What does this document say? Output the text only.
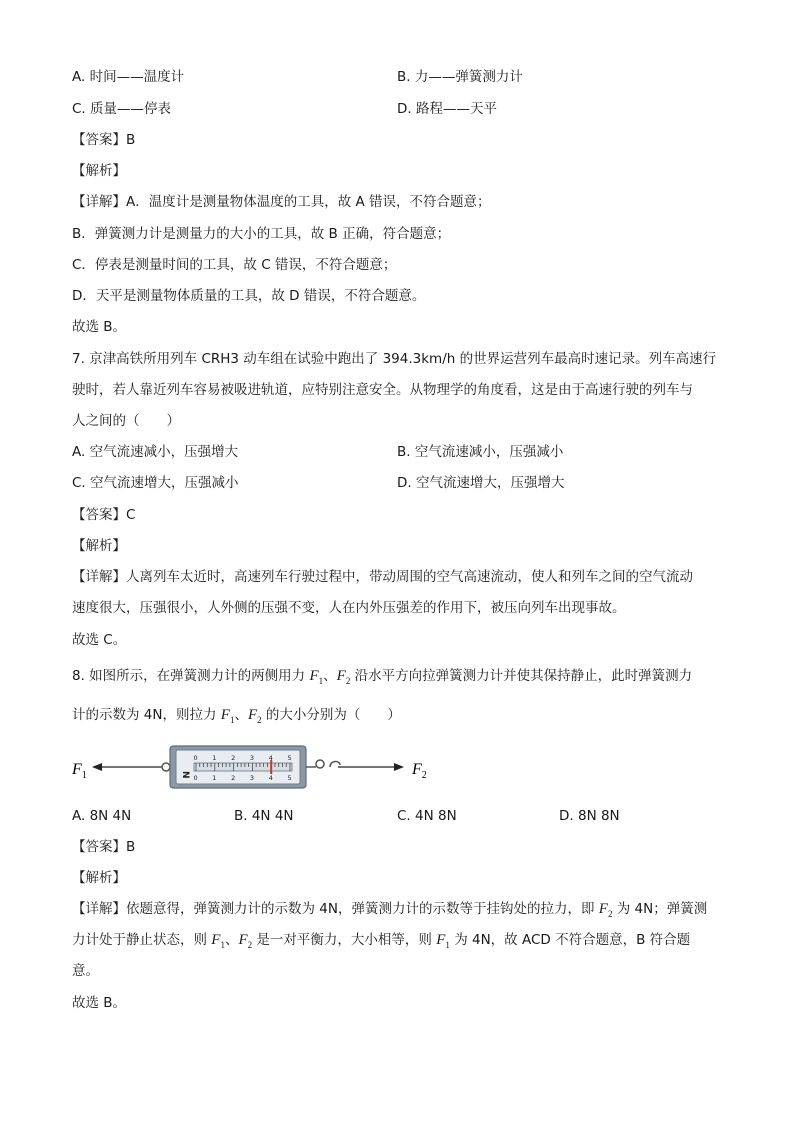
A. 时间——温度计	B. 力——弹簧测力计
C. 质量——停表	D. 路程——天平
【答案】B
【解析】
【详解】A．温度计是测量物体温度的工具，故 A 错误，不符合题意；
B．弹簧测力计是测量力的大小的工具，故 B 正确，符合题意；
C．停表是测量时间的工具，故 C 错误，不符合题意；
D．天平是测量物体质量的工具，故 D 错误，不符合题意。
故选 B。
7. 京津高铁所用列车 CRH3 动车组在试验中跑出了 394.3km/h 的世界运营列车最高时速记录。列车高速行
驶时，若人靠近列车容易被吸进轨道，应特别注意安全。从物理学的角度看，这是由于高速行驶的列车与
人之间的（　　）
A. 空气流速减小，压强增大	B. 空气流速减小，压强减小
C. 空气流速增大，压强减小	D. 空气流速增大，压强增大
【答案】C
【解析】
【详解】人离列车太近时，高速列车行驶过程中，带动周围的空气高速流动，使人和列车之间的空气流动
速度很大，压强很小，人外侧的压强不变，人在内外压强差的作用下，被压向列车出现事故。
故选 C。
8. 如图所示，在弹簧测力计的两侧用力 $F_1$、$F_2$ 沿水平方向拉弹簧测力计并使其保持静止，此时弹簧测力
计的示数为 4N，则拉力 $F_1$、$F_2$ 的大小分别为（　　）
$F_1$	N
0
0
1
1
2
2
3
3
4
4
5
5	$F_2$
A. 8N 4N	B. 4N 4N	C. 4N 8N	D. 8N 8N
【答案】B
【解析】
【详解】依题意得，弹簧测力计的示数为 4N，弹簧测力计的示数等于挂钩处的拉力，即 $F_2$ 为 4N；弹簧测
力计处于静止状态，则 $F_1$、$F_2$ 是一对平衡力，大小相等，则 $F_1$ 为 4N，故 ACD 不符合题意，B 符合题
意。
故选 B。
